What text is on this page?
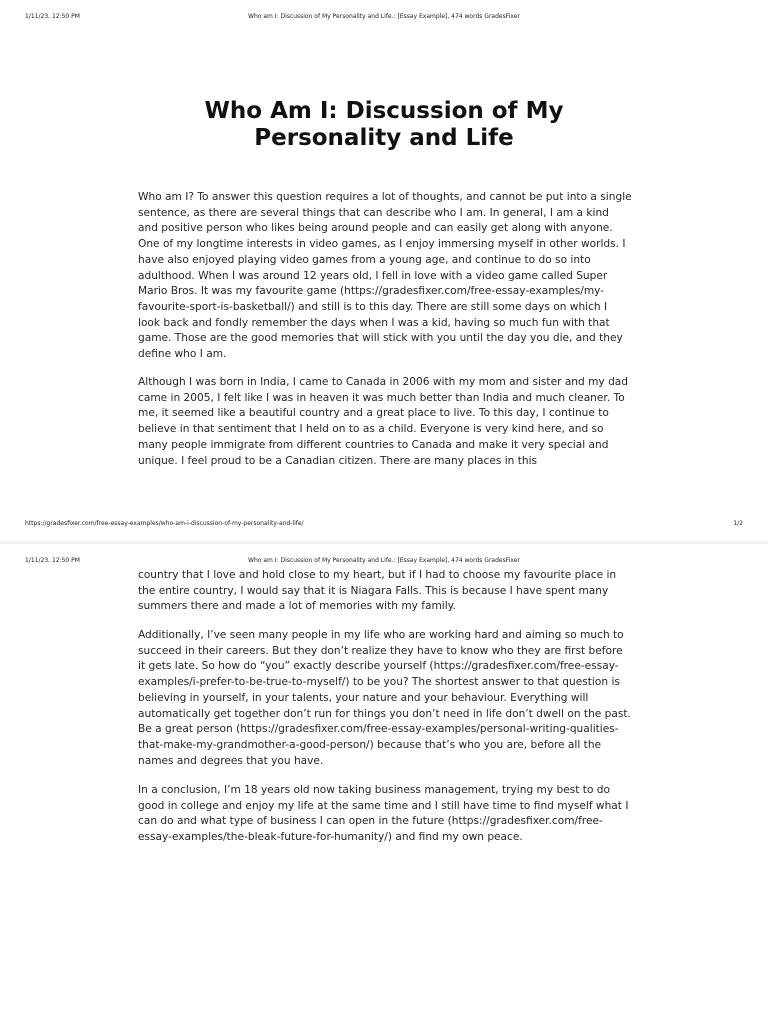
1/11/23, 12:50 PM	Who am I: Discussion of My Personality and Life.: [Essay Example], 474 words GradesFixer
Who Am I: Discussion of My Personality and Life

Who am I? To answer this question requires a lot of thoughts, and cannot be put into a single sentence, as there are several things that can describe who I am. In general, I am a kind and positive person who likes being around people and can easily get along with anyone. One of my longtime interests in video games, as I enjoy immersing myself in other worlds. I have also enjoyed playing video games from a young age, and continue to do so into adulthood. When I was around 12 years old, I fell in love with a video game called Super Mario Bros. It was my favourite game (https://gradesfixer.com/free-essay-examples/my-favourite-sport-is-basketball/) and still is to this day. There are still some days on which I look back and fondly remember the days when I was a kid, having so much fun with that game. Those are the good memories that will stick with you until the day you die, and they define who I am.

Although I was born in India, I came to Canada in 2006 with my mom and sister and my dad came in 2005, I felt like I was in heaven it was much better than India and much cleaner. To me, it seemed like a beautiful country and a great place to live. To this day, I continue to believe in that sentiment that I held on to as a child. Everyone is very kind here, and so many people immigrate from different countries to Canada and make it very special and unique. I feel proud to be a Canadian citizen. There are many places in this

https://gradesfixer.com/free-essay-examples/who-am-i-discussion-of-my-personality-and-life/	1/2
1/11/23, 12:50 PM	Who am I: Discussion of My Personality and Life.: [Essay Example], 474 words GradesFixer

country that I love and hold close to my heart, but if I had to choose my favourite place in the entire country, I would say that it is Niagara Falls. This is because I have spent many summers there and made a lot of memories with my family.

Additionally, I’ve seen many people in my life who are working hard and aiming so much to succeed in their careers. But they don’t realize they have to know who they are first before it gets late. So how do “you” exactly describe yourself (https://gradesfixer.com/free-essay-examples/i-prefer-to-be-true-to-myself/) to be you? The shortest answer to that question is believing in yourself, in your talents, your nature and your behaviour. Everything will automatically get together don’t run for things you don’t need in life don’t dwell on the past. Be a great person (https://gradesfixer.com/free-essay-examples/personal-writing-qualities-that-make-my-grandmother-a-good-person/) because that’s who you are, before all the names and degrees that you have.

In a conclusion, I’m 18 years old now taking business management, trying my best to do good in college and enjoy my life at the same time and I still have time to find myself what I can do and what type of business I can open in the future (https://gradesfixer.com/free-essay-examples/the-bleak-future-for-humanity/) and find my own peace.
